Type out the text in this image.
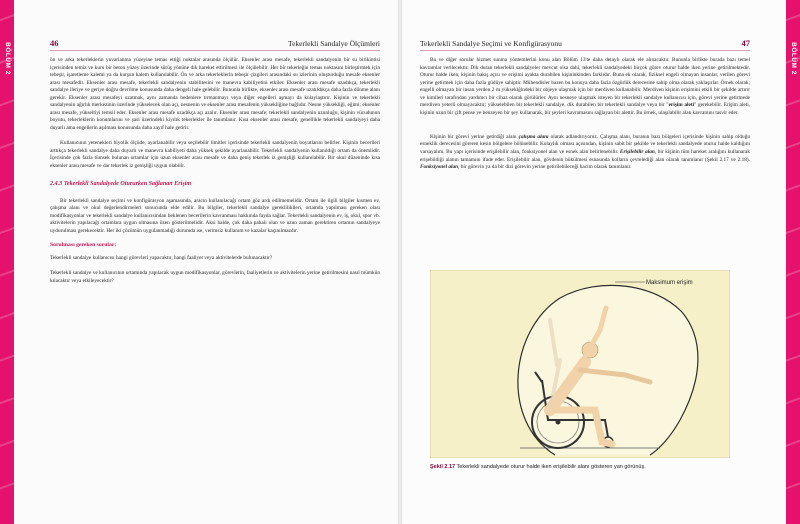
BÖLÜM 2	46	Tekerlekli Sandalye Ölçümleri

ön ve arka tekerleklerin yuvarlanma yüzeyine temas ettiği noktalar arasında ölçülür. Eksenler arası mesafe, tekerlekli sandalyenin bir su birikintisi içerisinden temiz ve kuru bir beton yüzey üzerinde sürüş yönüne dik hareket ettirilmesi ile ölçülebilir. Her bir tekerleğin temas noktasını birleştirmek için tebeşir, işaretleme kalemi ya da kurşun kalem kullanılabilir. Ön ve arka tekerleklerin tebeşir çizgileri arasındaki su izlerinin oluşturduğu mesafe eksenler arası mesafedir. Eksenler arası mesafe, tekerlekli sandalyenin stabilitesini ve manevra kabiliyetini etkiler. Eksenler arası mesafe uzadıkça, tekerlekli sandalye ileriye ve geriye doğru devrilme konusunda daha dengeli hale gelebilir. Bununla birlikte, eksenler arası mesafe uzatıldıkça daha fazla dönme alanı gerekir. Eksenler arası mesafeyi uzatmak, aynı zamanda bedenlere tırmanmayı veya diğer engelleri aşmayı da kolaylaştırır. Kişinin ve tekerlekli sandalyenin ağırlık merkezinin üzerinde yükselecek olan açı, nesnenin ve eksenler arası mesafenin yüksekliğine bağlıdır. Nesne yüksekliği, eğimi; eksenler arası mesafe, yükseltiyi temsil eder. Eksenler arası mesafe uzadıkça açı azalır. Eksenler arası mesafe; tekerlekli sandalyenin uzunluğu, kişinin vücudunun boyutu, tekerleklerin konumlarını ve şasi üzerindeki kiyılık tekerlekler ile tanımlanır. Kısa eksenler arası mesafe, genellikle tekerlekli sandalyeyi daha duyarlı ama engellerin aşılması konusunda daha zayıf hale getirir.

Kullanıcının yetenekleri biyolik ölçüde, ayarlanabilir veya seçilebilir limitler içerisinde tekerlekli sandalyenin boyutlarını belirler. Kişinin becerileri arttıkça tekerlekli sandalye daha duyarlı ve manevra kabiliyeti daha yüksek şekilde ayarlanabilir. Tekerlekli sandalyenin kullanıldığı ortam da önemlidir. İçerisinde çok fazla tümsek bulunan ortamlar için uzun eksenler arası mesafe ve daha geniş tekerlek iz genişliği kullanılabilir. Bir okul düzeninde kısa eksenler arası mesafe ve dar tekerlek iz genişliği uygun olabilir.

2.4.3 Tekerlekli Sandalyede Otururken Sağlanan Erişim

Bir tekerlekli sandalye seçimi ve konfigürasyon aşamasında, aracın kullanılacağı ortam göz ardı edilmemelidir. Ortam ile ilgili bilgiler kısmen ev, çalışma alanı ve okul değerlendirmeleri sonucunda elde edilir. Bu bilgiler, tekerlekli sandalye gerekliliklleri, ortamda yapılması gereken olası modifikasyonlar ve tekerlekli sandalye kullanıcısından beklenen becerilerin kavranması hakkında fayda sağlar. Tekerlekli sandalyenin ev, iş, okul, spor vb. aktivitelerin yapılacağı ortamlara uygun olmasına özen gösterilmelidir. Aksi halde, çok daha pahalı olan ve uzun zaman gerektiren ortamın sandalyeye uydurulması gerekecektir. Her iki çözümün uygulanmadığı durumda ise, verimsiz kullanım ve kazalar kaçınılmazdır.

Sorulması gereken sorular;

Tekerlekli sandalye kullanıcısı hangi görevleri yapacaktır, hangi faaliyet veya aktivitelerde bulunacaktır?

Tekerlekli sandalye ve kullanıcının ortamında yapılacak uygun modifikasyonlar, görevlerin, faaliyetlerin ve aktivitelerin yerine getirilmesini nasıl mümkün kılacaktır veya etkileyecektir?

BÖLÜM 2
Tekerlekli Sandalye Seçimi ve Konfigürasyonu	47

Bu ve diğer sorular hizmet sunma yöntemlerini konu alan Bölüm 13'te daha detaylı olarak ele alınacaktır. Bununla birlikte burada bazı temel kavramlar verilecektir. Dik duran tekerlekli sandalyeler mevcut olsa dahi, tekerlekli sandalyedeki birçok görev oturur halde iken yerine getirilmektedir. Oturur halde iken, kişinin bakış açısı ve erişimi ayakta durabilen kişininkinden farklıdır. Buna ek olarak, fiziksel engeli olmayan insanlar, verilen görevi yerine getirmek için daha fazla güdüye sahiptir. Mühendisler bazen bu konuya daha fazla özgürlük derecesine sahip olma olarak yaklaşırlar. Örnek olarak; engelli olmayan bir insan yerden 2 m yükseklğindeki bir objeye ulaşmak için bir merdiven kullanabilir. Merdiven kişinin erişimini etkili bir şekilde artırır ve kimileri tarafından yardımcı bir cihaz olarak görülürler. Aynı nesneye ulaşmak isteyen bir tekerlekli sandalye kullanıcısı için, görevi yerine getirmede merdiven yeterli olmayacaktır; yükselebilen bir tekerlekli sandalye, dik durabilen bir tekerlekli sandalye veya bir "erişim aleti" gerekebilir. Erişim aleti, kişinin uzun bir çift pense ye benzeyen bir şey kullanarak, bir şeyleri kavramasını sağlayan bir alettir. Bu örnek, ulaşılabilir alan kavramını tasvir eder.

Kişinin bir görevi yerine getirdiği alanı çalışma alanı olarak adlandırıyoruz. Çalışma alanı, buranın bazı bölgeleri içerisinde kişinin sahip olduğu esneklik derecesini göreren kesin bölgelere bölünebilir. Kolaylık olması açısından, kişinin sabit bir şekilde ve tekerlekli sandalyede oturur halde kaldığını varsayalım. Bu yapı içerisinde erişilebilir alan, fonksiyonel alan ve esnek alan belirlenebilir. Erişilebilir alan, bir kişinin tüm hareket aralığını kullanarak erişebildiği alanın tamamını ifade eder. Erişilebilir alan, gövdenin bükülmesi esnasında kolların çevrelediği alan olarak tanımlanır (Şekil 2.17 ve 2.18). Fonksiyonel alan, bir görevin ya da bir dizi görevin yerine getirilebileceği hacim olarak tanımlanır.

Maksimum erişim
Şekil 2.17 Tekerlekli sandalyede oturur halde iken erişilebilir alanı gösteren yan görünüş.
